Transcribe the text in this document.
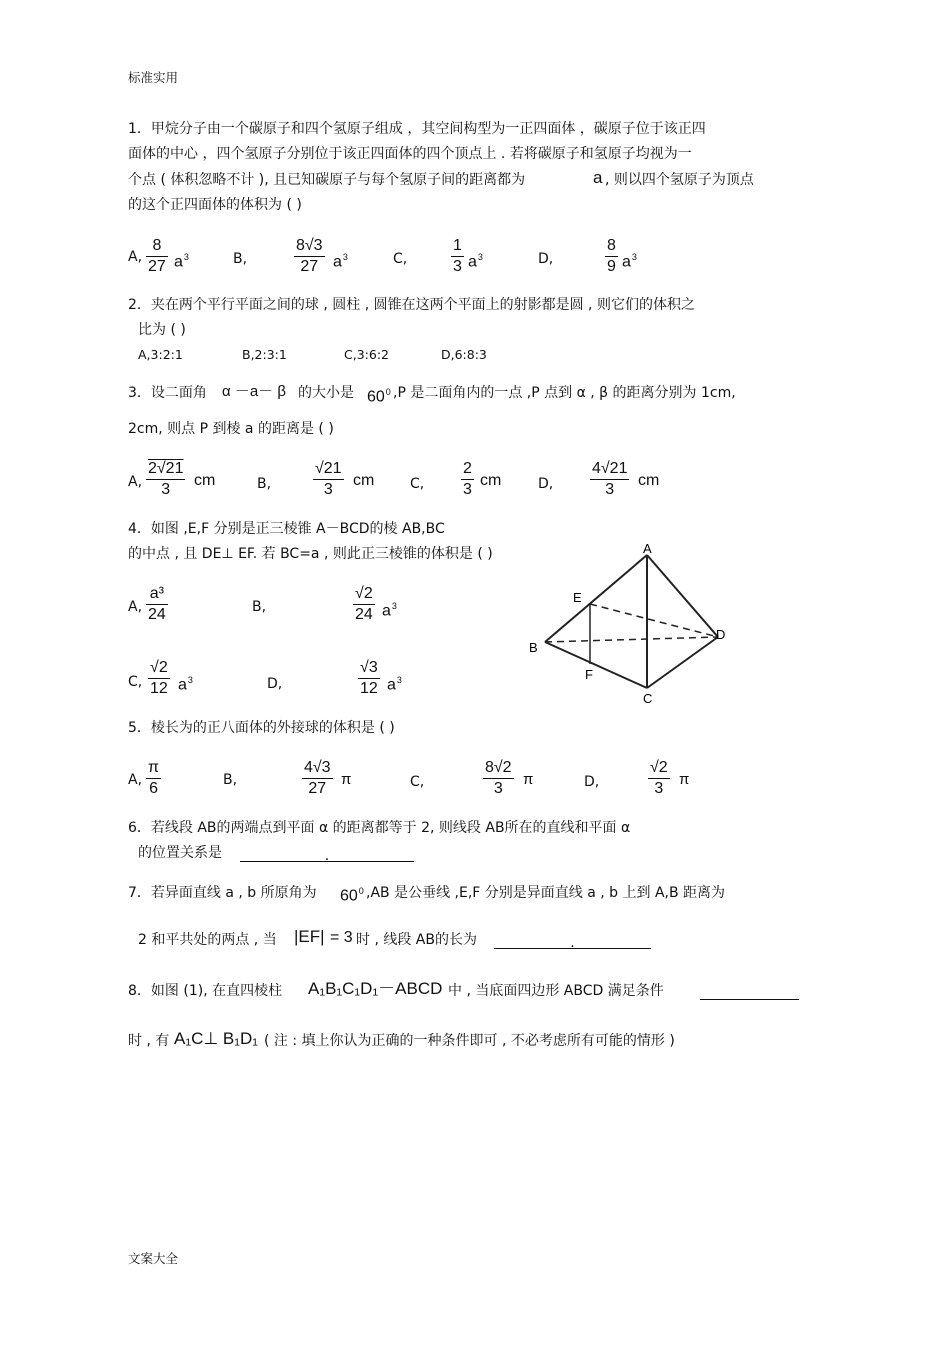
标准实用
1．甲烷分子由一个碳原子和四个氢原子组成 ，其空间构型为一正四面体 ，碳原子位于该正四
面体的中心 ，四个氢原子分别位于该正四面体的四个顶点上 . 若将碳原子和氢原子均视为一
个点 ( 体积忽略不计 ), 且已知碳原子与每个氢原子间的距离都为	a , 则以四个氢原子为顶点
的这个正四面体的体积为 ( )
A, $\frac{8}{27} a^3$	B,	$\frac{8√3}{27} a^3$	C,	$\frac{1}{3} a^3$	D,	$\frac{8}{9} a^3$
2．夹在两个平行平面之间的球 , 圆柱 , 圆锥在这两个平面上的射影都是圆 , 则它们的体积之
比为 ( )
A,3:2:1	B,2:3:1	C,3:6:2	D,6:8:3
3．设二面角 α －a－ β 的大小是 $60^0$ ,P 是二面角内的一点 ,P 点到 α , β 的距离分别为 1cm,
2cm, 则点 P 到棱 a 的距离是 ( )
A, $\frac{2√21}{3}$ cm	B,	$\frac{√21}{3}$ cm	C, $\frac{2}{3}$ cm	D, $\frac{4√21}{3}$ cm
4．如图 ,E,F 分别是正三棱锥 A－BCD的棱 AB,BC
的中点 , 且 DE⊥ EF. 若 BC=a , 则此正三棱锥的体积是 ( )
A, $\frac{\text{a³}}{24}$	B,	$\frac{√2}{24} a^3$
C, $\frac{√2}{12} a^3$	D,	$\frac{√3}{12} a^3$
A
B
C
D
E
F
5．棱长为的正八面体的外接球的体积是 ( )
A, $\frac{\pi}{6}$	B,	$\frac{4√3}{27}$ π	C,	$\frac{8√2}{3}$ π	D,	$\frac{√2}{3}$ π
6．若线段 AB的两端点到平面 α 的距离都等于 2, 则线段 AB所在的直线和平面 α
的位置关系是	.
7．若异面直线 a , b 所原角为 $60^0$ ,AB 是公垂线 ,E,F 分别是异面直线 a , b 上到 A,B 距离为
2 和平共处的两点 , 当 |EF| = 3 时 , 线段 AB的长为	.
8．如图 (1), 在直四棱柱 A₁B₁C₁D₁－ABCD 中 , 当底面四边形 ABCD 满足条件
时 , 有 A₁C⊥ B₁D₁ ( 注 : 填上你认为正确的一种条件即可 , 不必考虑所有可能的情形 )
文案大全
